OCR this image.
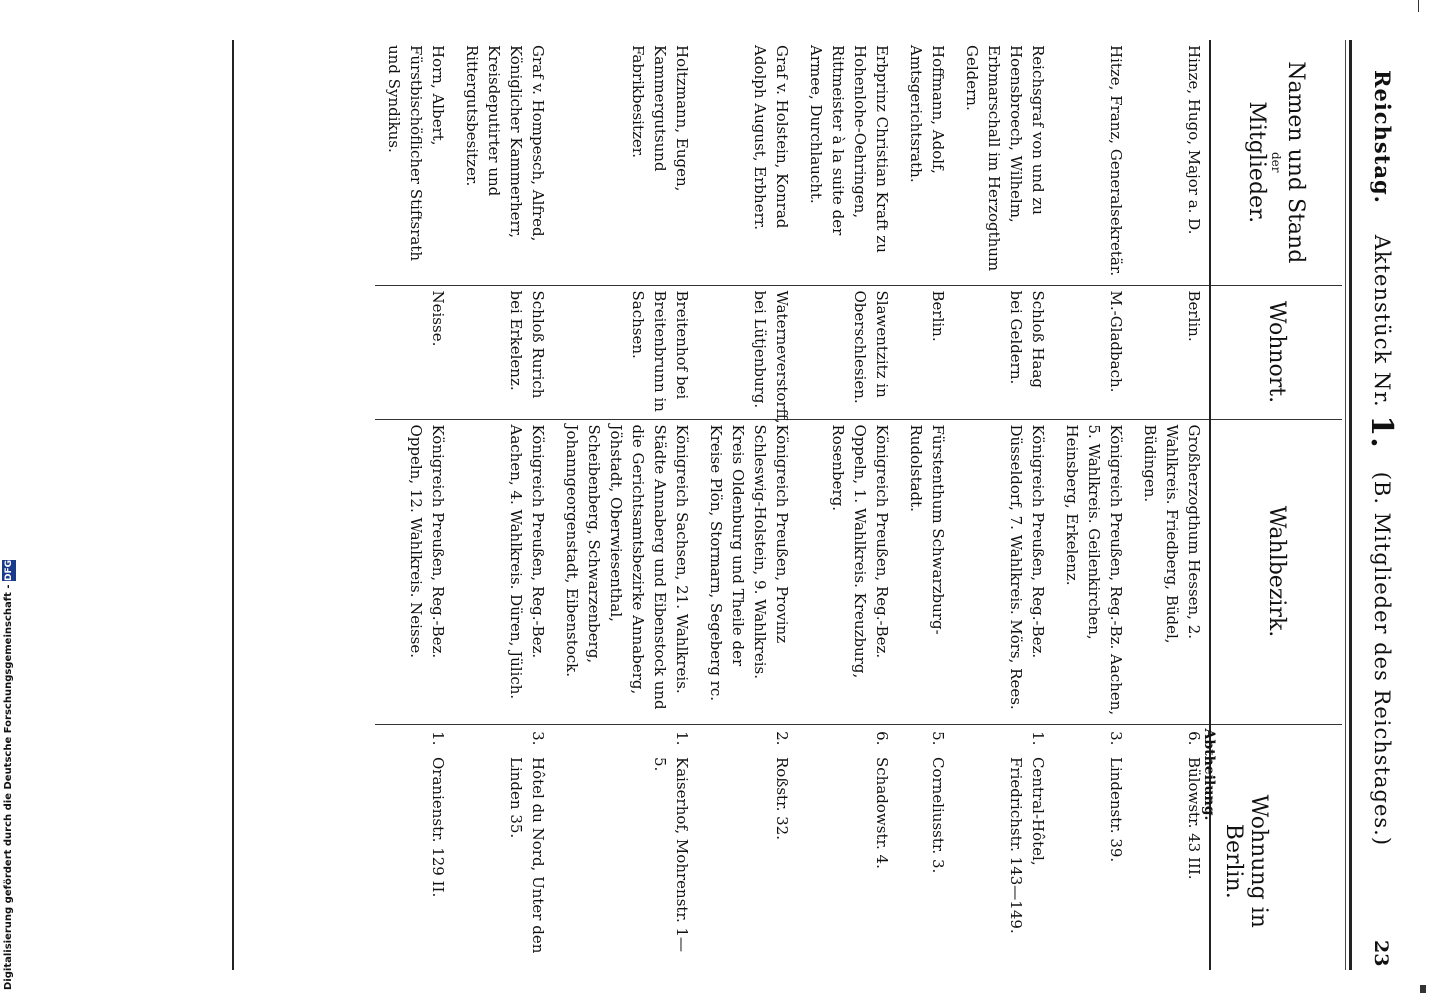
Reichstag.    Aktenstück Nr. 1.   (B. Mitglieder des Reichstages.)
23
Namen und Stand
der
Mitglieder.	Wohnort.	Wahlbezirk.	Abtheilung.
Wohnung in Berlin.	

Hinze, Hugo, Major a. D.	Berlin.	Großherzogthum Hessen, 2. Wahlkreis. Friedberg, Büdel, Büdingen.	6.	Bülowstr. 43 III.
Hitze, Franz, Generalsekretär.	M.-Gladbach.	Königreich Preußen, Reg.-Bz. Aachen, 5. Wahlkreis. Geilenkirchen, Heinsberg, Erkelenz.	3.	Lindenstr. 39.
Reichsgraf von und zu Hoensbroech, Wilhelm, Erbmarschall im Herzogthum Geldern.	Schloß Haag bei Geldern.	Königreich Preußen, Reg.-Bez. Düsseldorf, 7. Wahlkreis. Mörs, Rees.	1.	Central-Hôtel, Friedrichstr. 143—149.
Hoffmann, Adolf, Amtsgerichtsrath.	Berlin.	Fürstenthum Schwarzburg-Rudolstadt.	5.	Corneliusstr. 3.
Erbprinz Christian Kraft zu Hohenlohe-Oehringen, Rittmeister à la suite der Armee, Durchlaucht.	Slawentzitz in Oberschlesien.	Königreich Preußen, Reg.-Bez. Oppeln, 1. Wahlkreis. Kreuzburg, Rosenberg.	6.	Schadowstr. 4.
Graf v. Holstein, Konrad Adolph August, Erbherr.	Waterneverstorff, bei Lütjenburg.	Königreich Preußen, Provinz Schleswig-Holstein, 9. Wahlkreis. Kreis Oldenburg und Theile der Kreise Plön, Stormarn, Segeberg rc.	2.	Roßstr. 32.
Holtzmann, Eugen, Kammergutsund Fabrikbesitzer.	Breitenhof bei Breitenbrunn in Sachsen.	Königreich Sachsen, 21. Wahlkreis. Städte Annaberg und Eibenstock und die Gerichtsamtsbezirke Annaberg, Jöhstadt, Oberwiesenthal, Scheibenberg, Schwarzenberg, Johanngeorgenstadt, Eibenstock.	1.	Kaiserhof, Mohrenstr. 1—5.
Graf v. Hompesch, Alfred, Königlicher Kammerherr, Kreisdeputirter und Rittergutsbesitzer.	Schloß Rurich bei Erkelenz.	Königreich Preußen, Reg.-Bez. Aachen, 4. Wahlkreis. Düren, Jülich.	3.	Hôtel du Nord, Unter den Linden 35.
Horn, Albert, Fürstbischöflicher Stiftsrath und Syndikus.	Neisse.	Königreich Preußen, Reg.-Bez. Oppeln, 12. Wahlkreis. Neisse.	1.	Oranienstr. 129 II.
Digitalisierung gefördert durch die Deutsche Forschungsgemeinschaft - DFG
